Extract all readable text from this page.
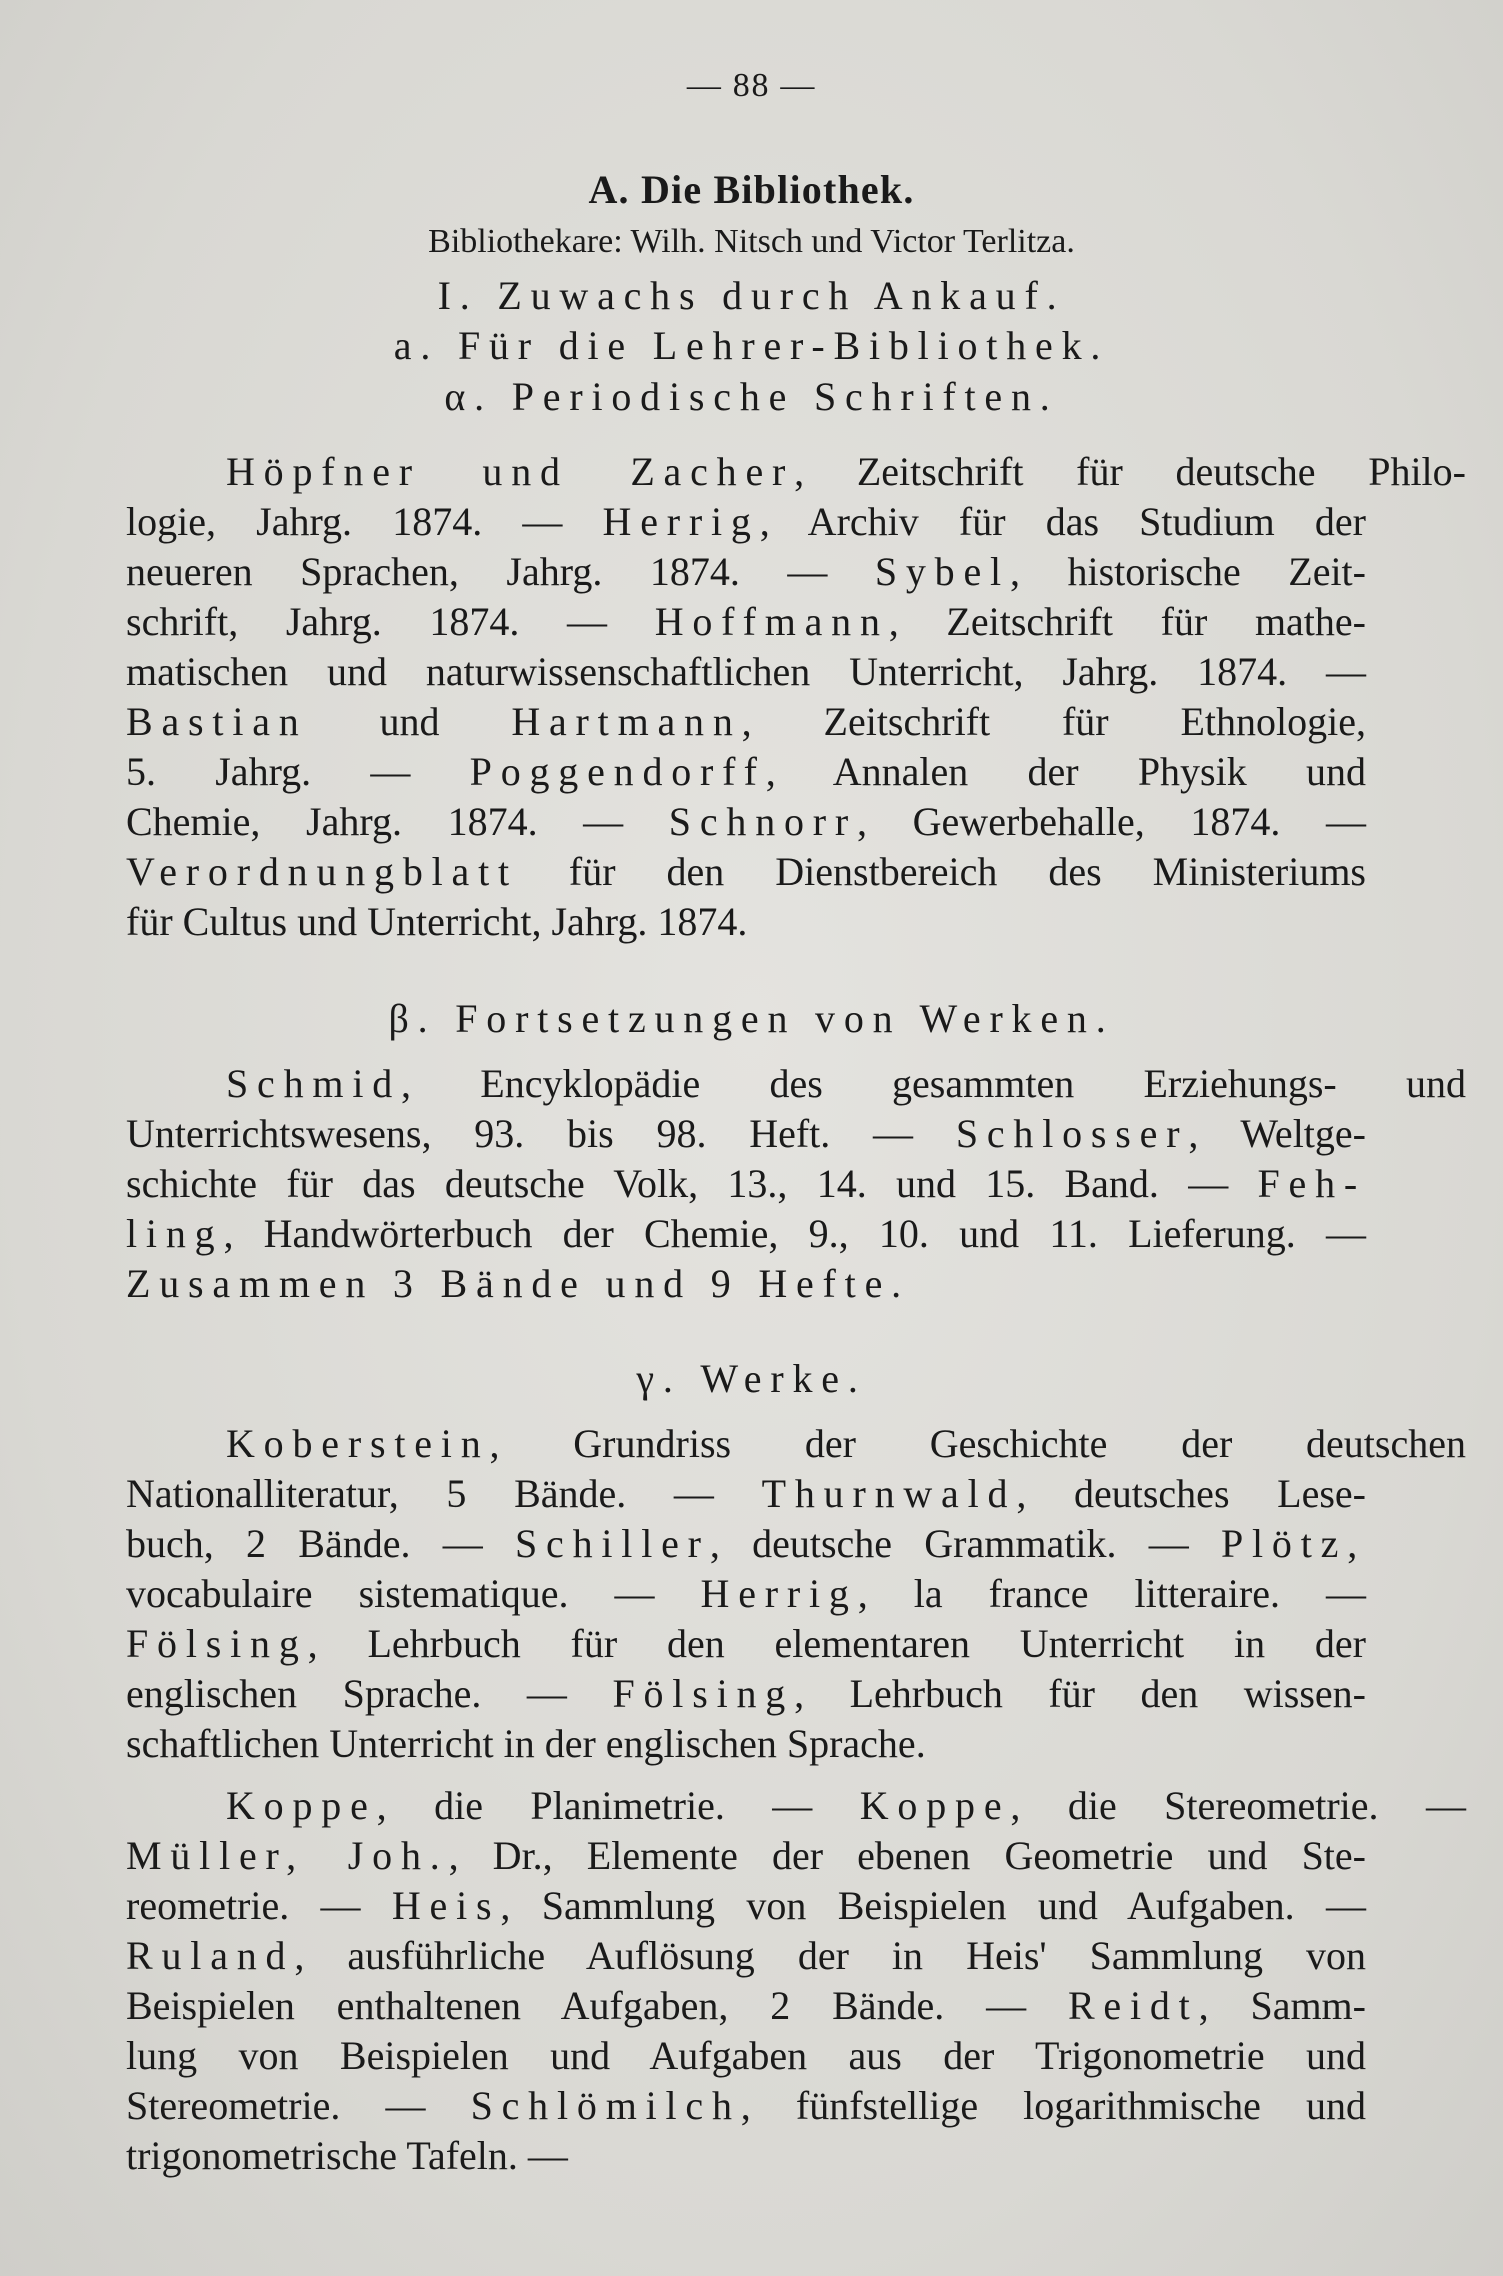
— 88 —
A. Die Bibliothek.
Bibliothekare: Wilh. Nitsch und Victor Terlitza.
I. Zuwachs durch Ankauf.
a. Für die Lehrer-Bibliothek.
α. Periodische Schriften.
Höpfner und Zacher, Zeitschrift für deutsche Philo-
logie, Jahrg. 1874. — Herrig, Archiv für das Studium der
neueren Sprachen, Jahrg. 1874. — Sybel, historische Zeit-
schrift, Jahrg. 1874. — Hoffmann, Zeitschrift für mathe-
matischen und naturwissenschaftlichen Unterricht, Jahrg. 1874. —
Bastian und Hartmann, Zeitschrift für Ethnologie,
5. Jahrg. — Poggendorff, Annalen der Physik und
Chemie, Jahrg. 1874. — Schnorr, Gewerbehalle, 1874. —
Verordnungblatt für den Dienstbereich des Ministeriums
für Cultus und Unterricht, Jahrg. 1874.
β. Fortsetzungen von Werken.
Schmid, Encyklopädie des gesammten Erziehungs- und
Unterrichtswesens, 93. bis 98. Heft. — Schlosser, Weltge-
schichte für das deutsche Volk, 13., 14. und 15. Band. — Feh-
ling, Handwörterbuch der Chemie, 9., 10. und 11. Lieferung. —
Zusammen 3 Bände und 9 Hefte.
γ. Werke.
Koberstein, Grundriss der Geschichte der deutschen
Nationalliteratur, 5 Bände. — Thurnwald, deutsches Lese-
buch, 2 Bände. — Schiller, deutsche Grammatik. — Plötz,
vocabulaire sistematique. — Herrig, la france litteraire. —
Fölsing, Lehrbuch für den elementaren Unterricht in der
englischen Sprache. — Fölsing, Lehrbuch für den wissen-
schaftlichen Unterricht in der englischen Sprache.
Koppe, die Planimetrie. — Koppe, die Stereometrie. —
Müller, Joh., Dr., Elemente der ebenen Geometrie und Ste-
reometrie. — Heis, Sammlung von Beispielen und Aufgaben. —
Ruland, ausführliche Auflösung der in Heis' Sammlung von
Beispielen enthaltenen Aufgaben, 2 Bände. — Reidt, Samm-
lung von Beispielen und Aufgaben aus der Trigonometrie und
Stereometrie. — Schlömilch, fünfstellige logarithmische und
trigonometrische Tafeln. —
